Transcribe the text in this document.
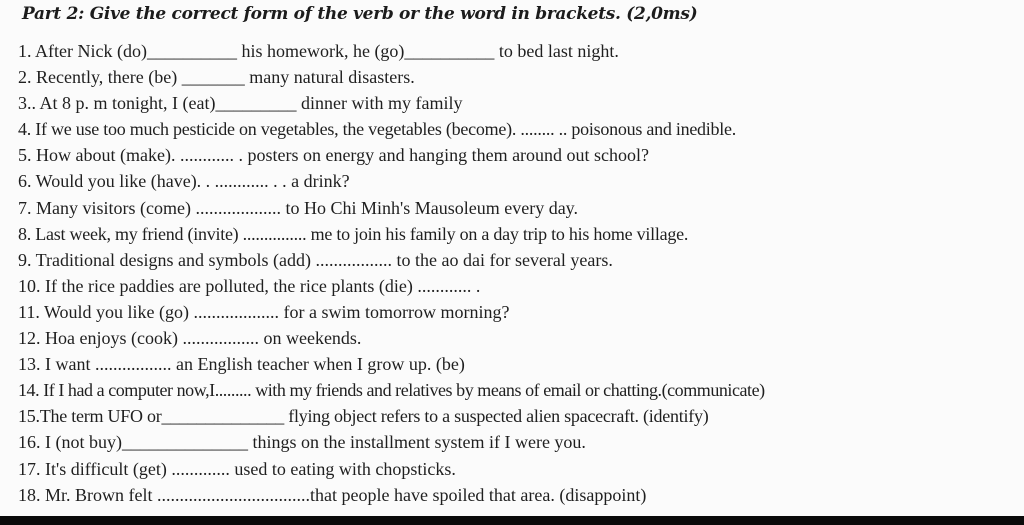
Part 2: Give the correct form of the verb or the word in brackets. (2,0ms)
1. After Nick (do)__________ his homework, he (go)__________ to bed last night.
2. Recently, there (be) _______ many natural disasters.
3.. At 8 p. m tonight, I (eat)_________ dinner with my family
4. If we use too much pesticide on vegetables, the vegetables (become). ........ .. poisonous and inedible.
5. How about (make). ............ . posters on energy and hanging them around out school?
6. Would you like (have). . ............ . . a drink?
7. Many visitors (come) ................... to Ho Chi Minh's Mausoleum every day.
8. Last week, my friend (invite) ............... me to join his family on a day trip to his home village.
9. Traditional designs and symbols (add) ................. to the ao dai for several years.
10. If the rice paddies are polluted, the rice plants (die) ............ .
11. Would you like (go) ................... for a swim tomorrow morning?
12. Hoa enjoys (cook) ................. on weekends.
13. I want ................. an English teacher when I grow up. (be)
14. If I had a computer now,I......... with my friends and relatives by means of email or chatting.(communicate)
15.The term UFO or______________ flying object refers to a suspected alien spacecraft. (identify)
16. I (not buy)______________ things on the installment system if I were you.
17. It's difficult (get) ............. used to eating with chopsticks.
18. Mr. Brown felt ..................................that people have spoiled that area. (disappoint)
